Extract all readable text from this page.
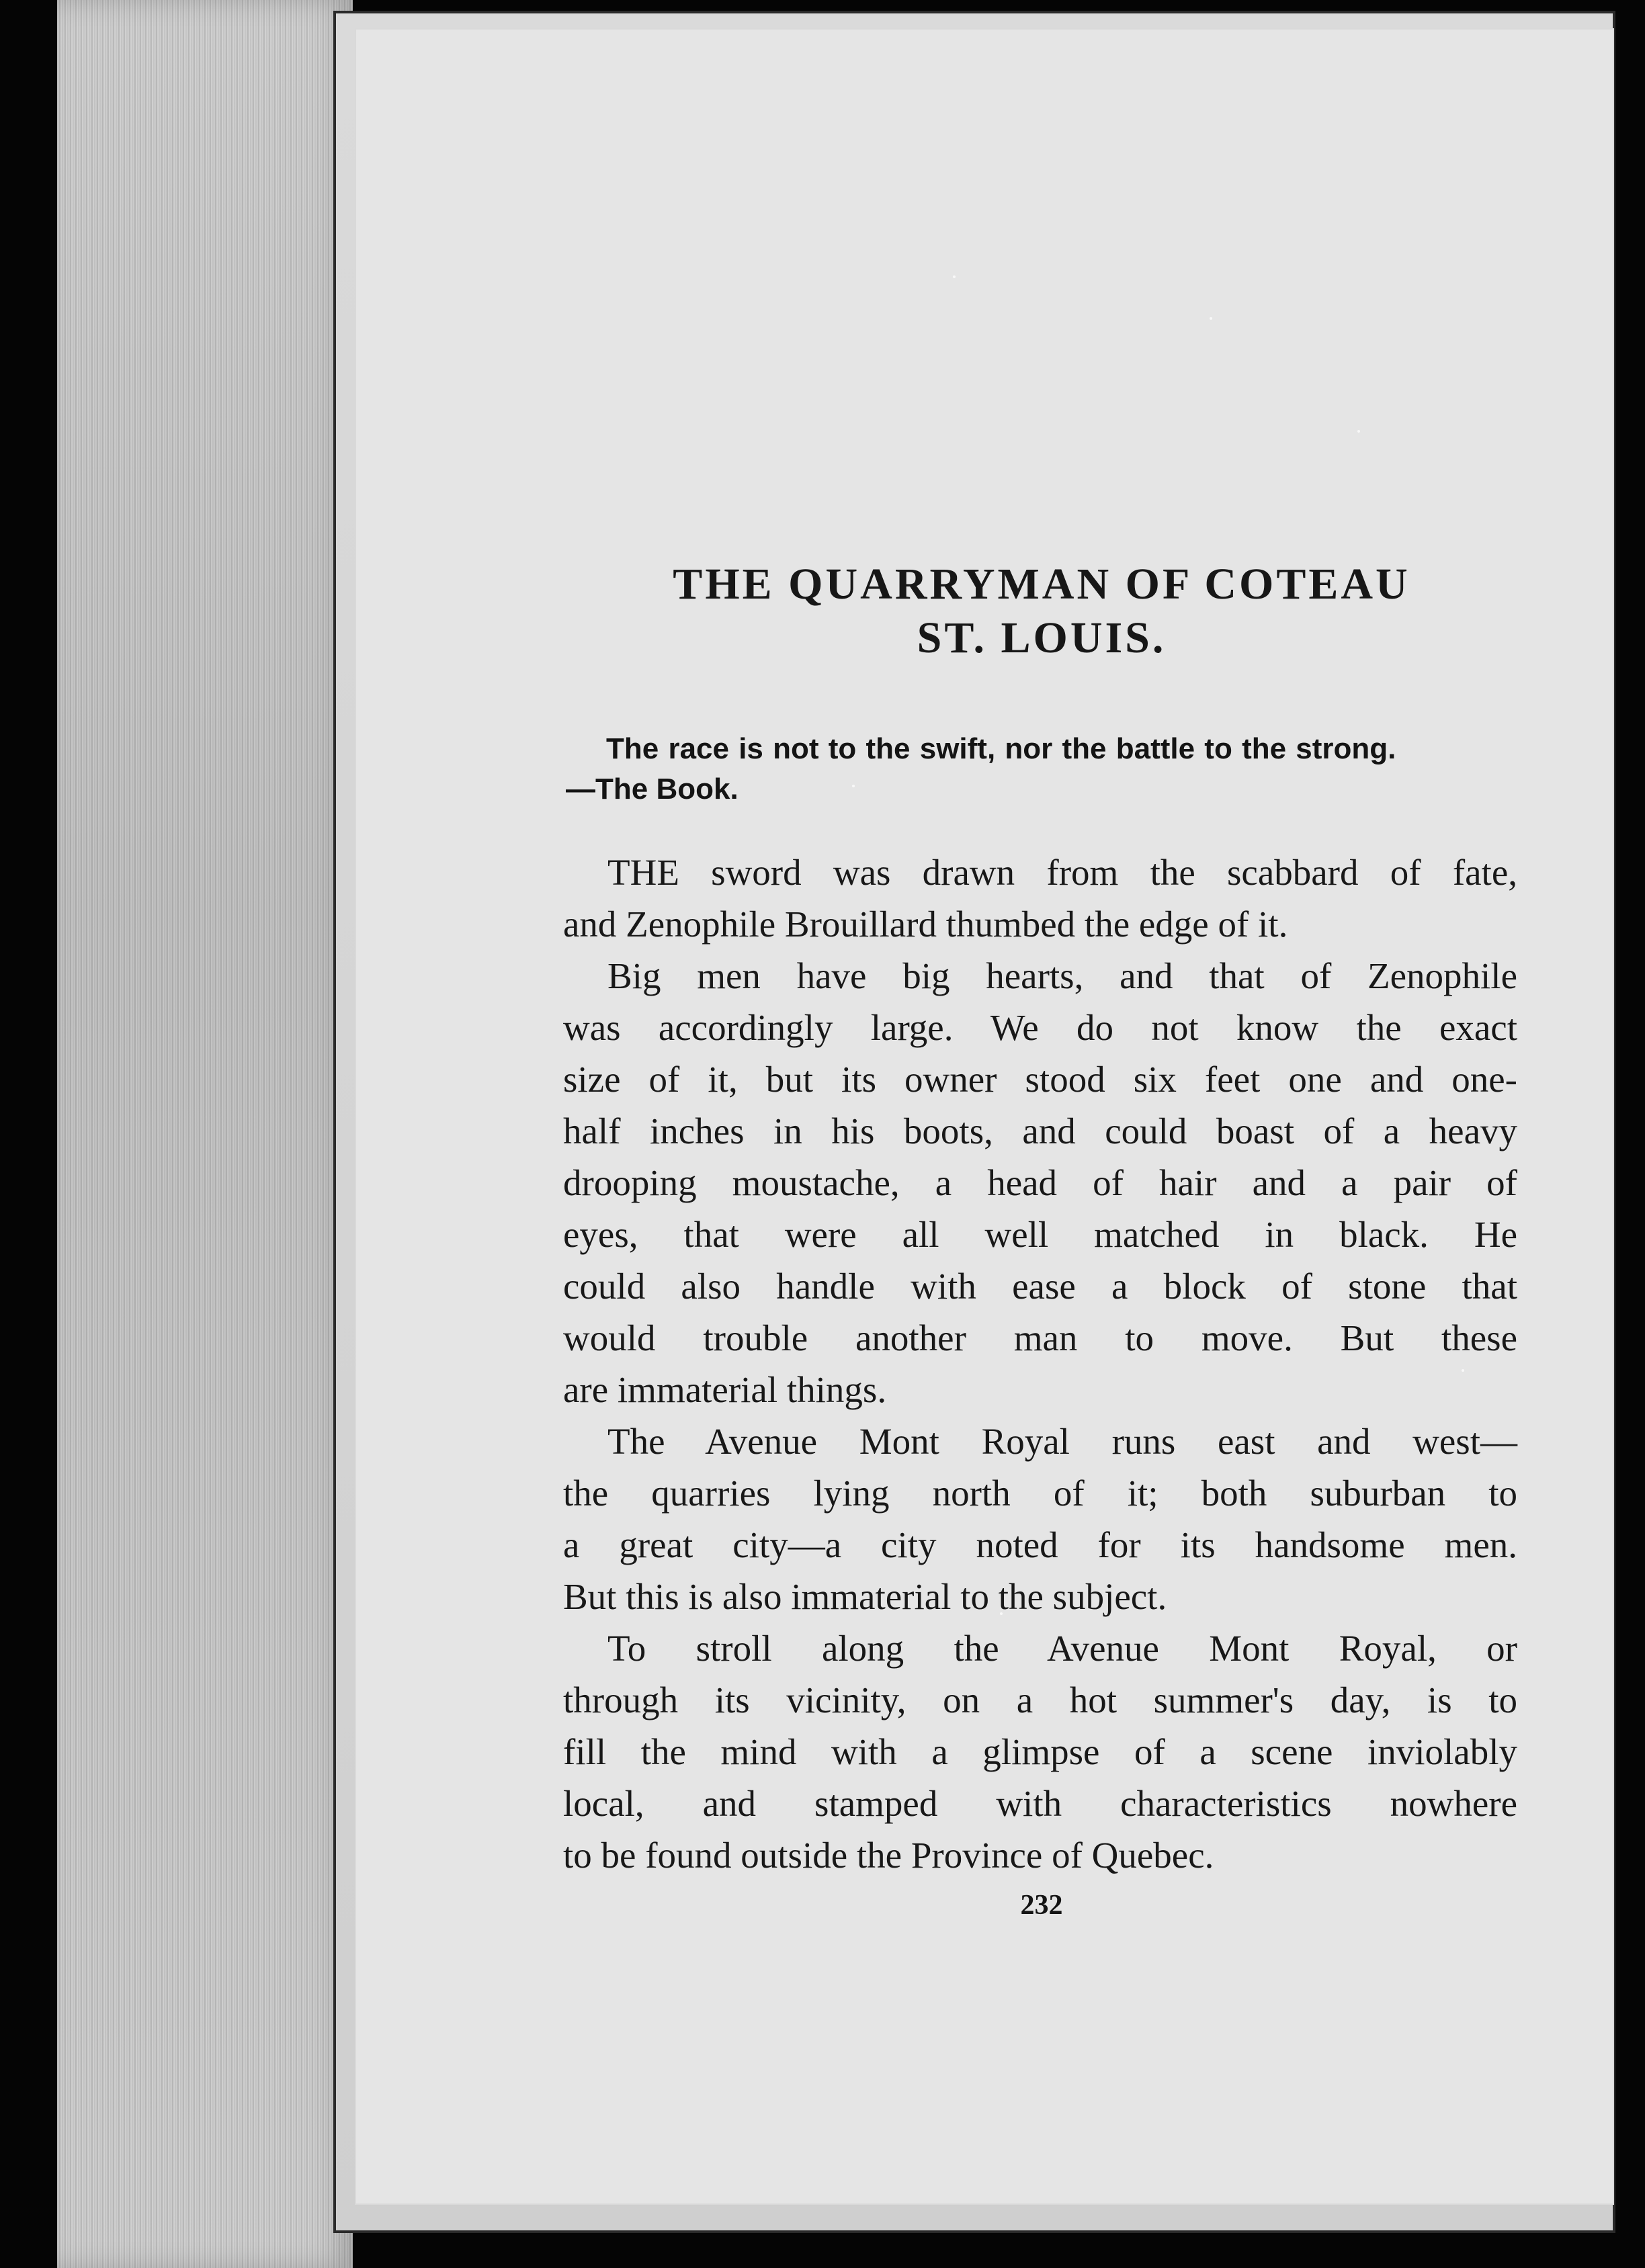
THE QUARRYMAN OF COTEAU
ST. LOUIS.
The race is not to the swift, nor the battle to the strong.
—The Book.

THE sword was drawn from the scabbard of fate,
and Zenophile Brouillard thumbed the edge of it.

Big men have big hearts, and that of Zenophile
was accordingly large. We do not know the exact
size of it, but its owner stood six feet one and one-
half inches in his boots, and could boast of a heavy
drooping moustache, a head of hair and a pair of
eyes, that were all well matched in black. He
could also handle with ease a block of stone that
would trouble another man to move. But these
are immaterial things.

The Avenue Mont Royal runs east and west—
the quarries lying north of it; both suburban to
a great city—a city noted for its handsome men.
But this is also immaterial to the subject.

To stroll along the Avenue Mont Royal, or
through its vicinity, on a hot summer's day, is to
fill the mind with a glimpse of a scene inviolably
local, and stamped with characteristics nowhere
to be found outside the Province of Quebec.

232
